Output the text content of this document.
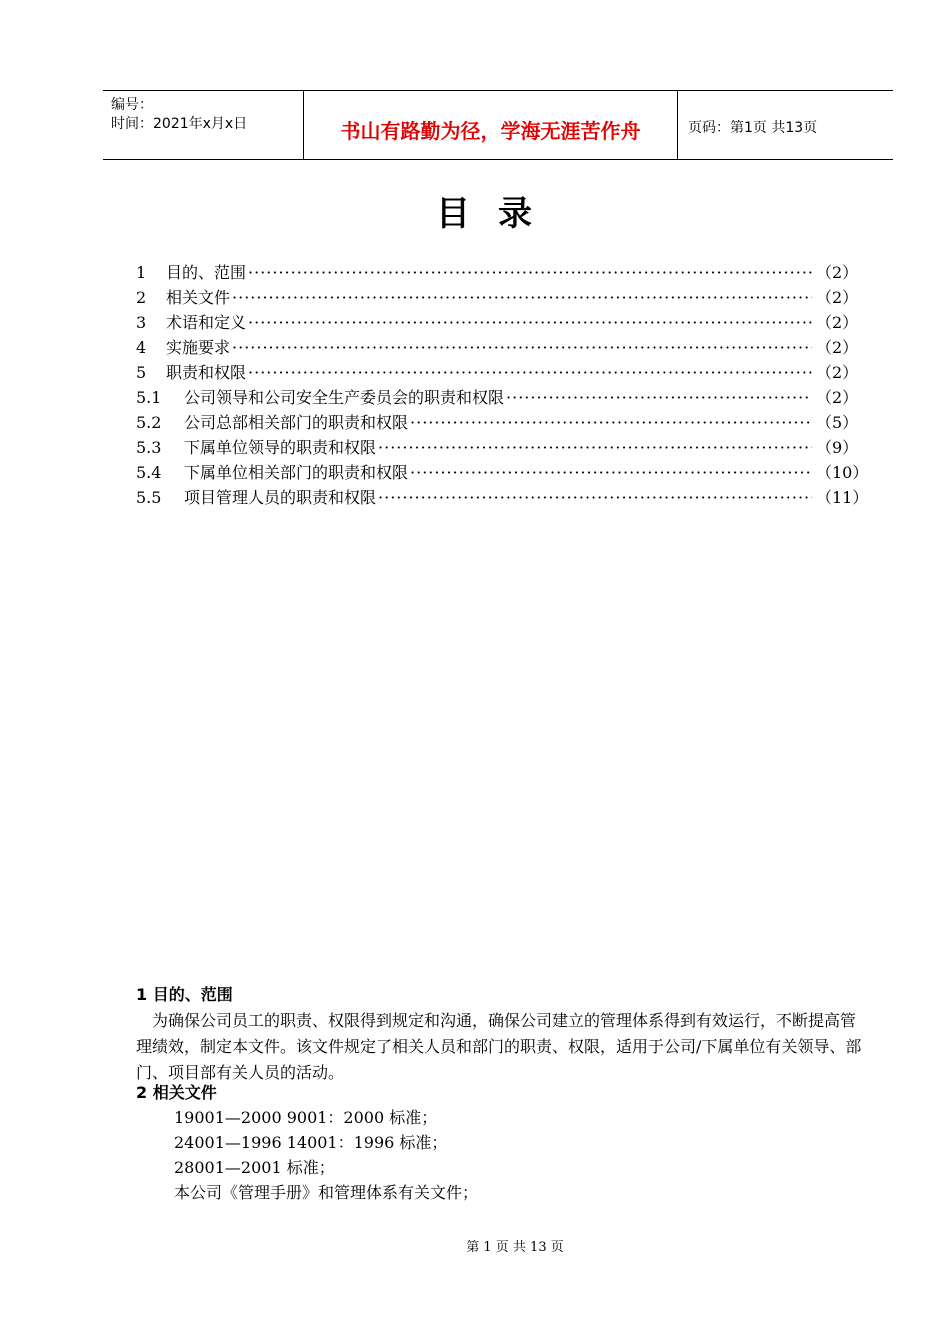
编号：
时间：2021年x月x日	书山有路勤为径，学海无涯苦作舟	页码：第1页 共13页
目录
1	目的、范围 ·····	（2）
2	相关文件 ·····	（2）
3	术语和定义 ·····	（2）
4	实施要求 ·····	（2）
5	职责和权限 ·····	（2）
5.1	公司领导和公司安全生产委员会的职责和权限 ·····	（2）
5.2	公司总部相关部门的职责和权限 ·····	（5）
5.3	下属单位领导的职责和权限 ·····	（9）
5.4	下属单位相关部门的职责和权限 ·····	（10）
5.5	项目管理人员的职责和权限 ·····	（11）
1 目的、范围
为确保公司员工的职责、权限得到规定和沟通，确保公司建立的管理体系得到有效运行，不断提高管理绩效，制定本文件。该文件规定了相关人员和部门的职责、权限，适用于公司/下属单位有关领导、部门、项目部有关人员的活动。
2 相关文件
19001—2000 9001：2000 标准；
24001—1996 14001：1996 标准；
28001—2001 标准；
本公司《管理手册》和管理体系有关文件；
第 1 页 共 13 页
